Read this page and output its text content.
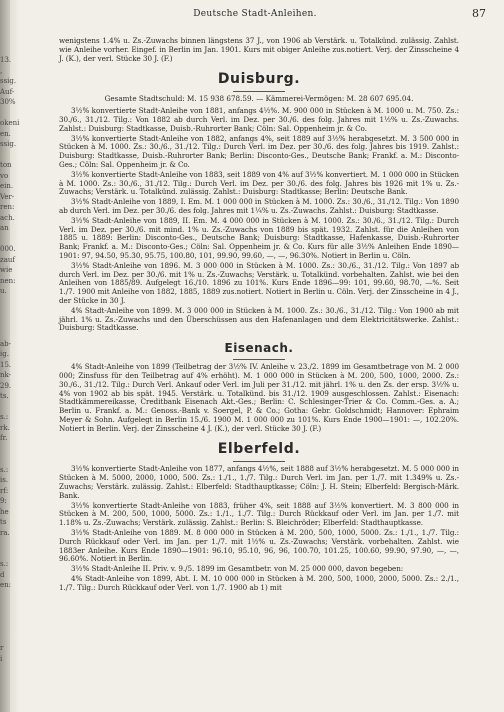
13.
,
ssig.
Auf-
30%

okeni
en.
ssig.

ton
vo
ein.
Ver-
ren:
ach.
an

000.
zauf
wie
nen:
u.

ab-
ig.
15.
nk-
29.
ts.

s.:
rk.
fr.

s.:
is.
rf:
9:
he
ts
ra.

s.:
d
en:

r
i
Deutsche Stadt-Anleihen.	87

wenigstens 1.4% u. Zs.-Zuwachs binnen längstens 37 J., von 1906 ab Verstärk. u. Totalkünd. zulässig. Zahlst. wie Anleihe vorher. Eingef. in Berlin im Jan. 1901. Kurs mit obiger Anleihe zus.notiert. Verj. der Zinsscheine 4 J. (K.), der verl. Stücke 30 J. (F.)

Duisburg.
Gesamte Stadtschuld: M. 15 938 678.59. — Kämmerei-Vermögen: M. 28 607 695.04.

3½% konvertierte Stadt-Anleihe von 1881, anfangs 4½%. M. 900 000 in Stücken à M. 1000 u. M. 750. Zs.: 30./6., 31./12. Tilg.: Von 1882 ab durch Verl. im Dez. per 30./6. des folg. Jahres mit 1½% u. Zs.-Zuwachs. Zahlst.: Duisburg: Stadtkasse, Duisb.-Ruhrorter Bank; Cöln: Sal. Oppenheim jr. & Co.

3½% konvertierte Stadt-Anleihe von 1882, anfangs 4%, seit 1889 auf 3½% herabgesetzt. M. 3 500 000 in Stücken à M. 1000. Zs.: 30./6., 31./12. Tilg.: Durch Verl. im Dez. per 30./6. des folg. Jahres bis 1919. Zahlst.: Duisburg: Stadtkasse, Duisb.-Ruhrorter Bank; Berlin: Disconto-Ges., Deutsche Bank; Frankf. a. M.: Disconto-Ges.; Cöln: Sal. Oppenheim jr. & Co.

3½% konvertierte Stadt-Anleihe von 1883, seit 1889 von 4% auf 3½% konvertiert. M. 1 000 000 in Stücken à M. 1000. Zs.: 30./6., 31./12. Tilg.: Durch Verl. im Dez. per 30./6. des folg. Jahres bis 1926 mit 1% u. Zs.-Zuwachs; Verstärk. u. Totalkünd. zulässig. Zahlst.: Duisburg: Stadtkasse; Berlin: Deutsche Bank.

3½% Stadt-Anleihe von 1889, I. Em. M. 1 000 000 in Stücken à M. 1000. Zs.: 30./6., 31./12. Tilg.: Von 1890 ab durch Verl. im Dez. per 30./6. des folg. Jahres mit 1¼% u. Zs.-Zuwachs. Zahlst.: Duisburg: Stadtkasse.

3½% Stadt-Anleihe von 1889, II. Em. M. 4 000 000 in Stücken à M. 1000. Zs.: 30./6., 31./12. Tilg.: Durch Verl. im Dez. per 30./6. mit mind. 1% u. Zs.-Zuwachs von 1889 bis spät. 1932. Zahlst. für die Anleihen von 1885 u. 1889: Berlin: Disconto-Ges., Deutsche Bank; Duisburg: Stadtkasse, Hafenkasse, Duisb.-Ruhrorter Bank; Frankf. a. M.: Disconto-Ges.; Cöln: Sal. Oppenheim jr. & Co. Kurs für alle 3½% Anleihen Ende 1890—1901: 97, 94.50, 95.30, 95.75, 100.80, 101, 99.90, 99.60, —, —, 96.30%. Notiert in Berlin u. Cöln.

3½% Stadt-Anleihe von 1896. M. 3 000 000 in Stücken à M. 1000. Zs.: 30./6., 31./12. Tilg.: Von 1897 ab durch Verl. im Dez. per 30./6. mit 1% u. Zs.-Zuwachs; Verstärk. u. Totalkünd. vorbehalten. Zahlst. wie bei den Anleihen von 1885/89. Aufgelegt 16./10. 1896 zu 101%. Kurs Ende 1896—99: 101, 99.60, 98.70, —%. Seit 1./7. 1900 mit Anleihe von 1882, 1885, 1889 zus.notiert. Notiert in Berlin u. Cöln. Verj. der Zinsscheine in 4 J., der Stücke in 30 J.

4% Stadt-Anleihe von 1899. M. 3 000 000 in Stücken à M. 1000. Zs.: 30./6., 31./12. Tilg.: Von 1900 ab mit jährl. 1% u. Zs.-Zuwachs und den Überschüssen aus den Hafenanlagen und dem Elektricitätswerke. Zahlst.: Duisburg: Stadtkasse.

Eisenach.

4% Stadt-Anleihe von 1899 (Teilbetrag der 3½% IV. Anleihe v. 23./2. 1899 im Gesamtbetrage von M. 2 000 000; Zinsfuss für den Teilbetrag auf 4% erhöht). M. 1 000 000 in Stücken à M. 200, 500, 1000, 2000. Zs.: 30./6., 31./12. Tilg.: Durch Verl. Ankauf oder Verl. im Juli per 31./12. mit jährl. 1% u. den Zs. der ersp. 3½% u. 4% von 1902 ab bis spät. 1945. Verstärk. u. Totalkünd. bis 31./12. 1909 ausgeschlossen. Zahlst.: Eisenach: Stadtkämmereikasse, Creditbank Eisenach Akt.-Ges.; Berlin: C. Schlesinger-Trier & Co. Comm.-Ges. a. A.; Berlin u. Frankf. a. M.: Genoss.-Bank v. Soergel, P. & Co.; Gotha: Gebr. Goldschmidt; Hannover: Ephraim Meyer & Sohn. Aufgelegt in Berlin 15./6. 1900 M. 1 000 000 zu 101%. Kurs Ende 1900—1901: —, 102.20%. Notiert in Berlin. Verj. der Zinsscheine 4 J. (K.), der verl. Stücke 30 J. (F.)

Elberfeld.

3½% konvertierte Stadt-Anleihe von 1877, anfangs 4½%, seit 1888 auf 3½% herabgesetzt. M. 5 000 000 in Stücken à M. 5000, 2000, 1000, 500. Zs.: 1./1., 1./7. Tilg.: Durch Verl. im Jan. per 1./7. mit 1.349% u. Zs.-Zuwachs; Verstärk. zulässig. Zahlst.: Elberfeld: Stadthauptkasse; Cöln: J. H. Stein; Elberfeld: Bergisch-Märk. Bank.

3½% konvertierte Stadt-Anleihe von 1883, früher 4%, seit 1888 auf 3½% konvertiert. M. 3 800 000 in Stücken à M. 200, 500, 1000, 5000. Zs.: 1./1., 1./7. Tilg.: Durch Rückkauf oder Verl. im Jan. per 1./7. mit 1.18% u. Zs.-Zuwachs; Verstärk. zulässig. Zahlst.: Berlin: S. Bleichröder; Elberfeld: Stadthauptkasse.

3½% Stadt-Anleihe von 1889. M. 8 000 000 in Stücken à M. 200, 500, 1000, 5000. Zs.: 1./1., 1./7. Tilg.: Durch Rückkauf oder Verl. im Jan. per 1./7. mit 1½% u. Zs.-Zuwachs; Verstärk. vorbehalten. Zahlst. wie 1883er Anleihe. Kurs Ende 1890—1901: 96.10, 95.10, 96, 96, 100.70, 101.25, 100.60, 99.90, 97.90, —, —, 96.60%. Notiert in Berlin.

3½% Stadt-Anleihe II. Priv. v. 9./5. 1899 im Gesamtbetr. von M. 25 000 000, davon begeben:

4% Stadt-Anleihe von 1899, Abt. I. M. 10 000 000 in Stücken à M. 200, 500, 1000, 2000, 5000. Zs.: 2./1., 1./7. Tilg.: Durch Rückkauf oder Verl. von 1./7. 1900 ab 1) mit
